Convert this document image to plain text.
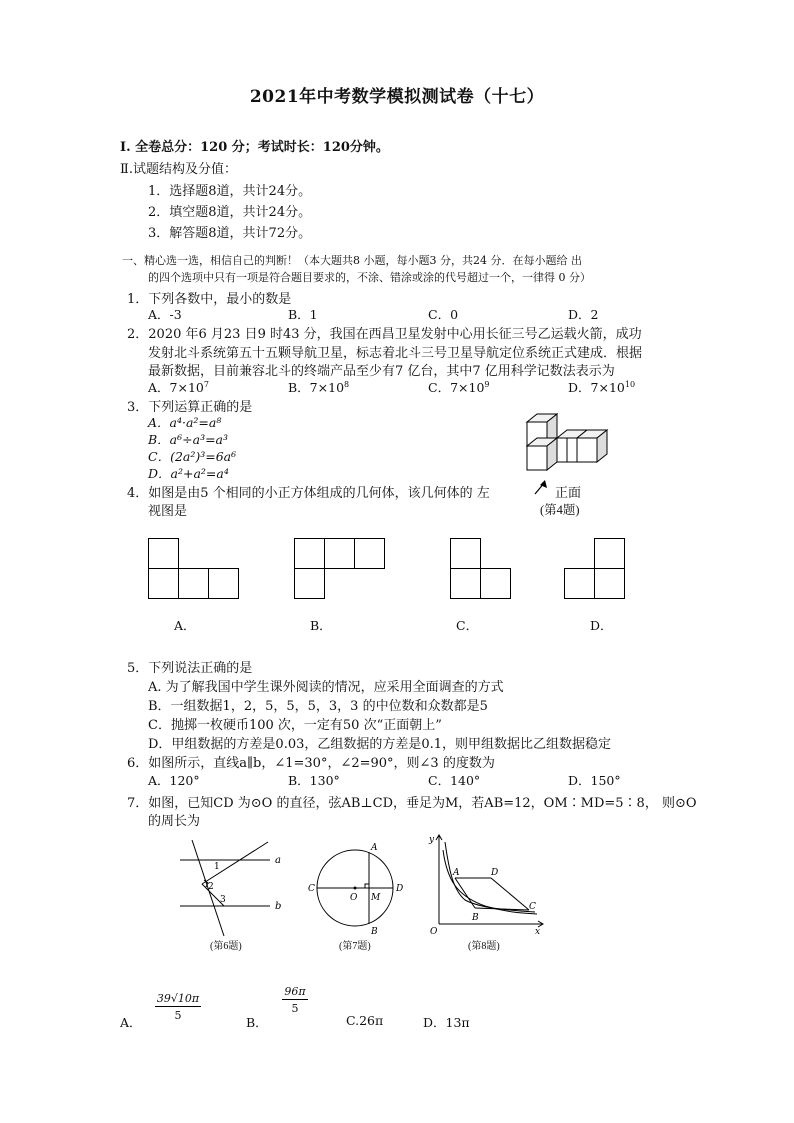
2021年中考数学模拟测试卷（十七）
Ⅰ. 全卷总分：120 分；考试时长：120分钟。
Ⅱ.试题结构及分值：
1．选择题8道，共计24分。
2．填空题8道，共计24分。
3．解答题8道，共计72分。
一、精心选一选，相信自己的判断！（本大题共8 小题，每小题3 分，共24 分．在每小题给 出
的四个选项中只有一项是符合题目要求的，不涂、错涂或涂的代号超过一个，一律得 0 分）
1．下列各数中，最小的数是
A．-3	B．1	C．0	D．2
2．2020 年6 月23 日9 时43 分，我国在西昌卫星发射中心用长征三号乙运载火箭，成功
发射北斗系统第五十五颗导航卫星，标志着北斗三号卫星导航定位系统正式建成．根据
最新数据，目前兼容北斗的终端产品至少有7 亿台，其中7 亿用科学记数法表示为
A．$7\times 10^7$	B．$7\times 10^8$	C．$7\times 10^9$	D．$7\times 10^{10}$
3．下列运算正确的是
A．a⁴·a²=a⁸
B．a⁶÷a³=a³
C．(2a²)³=6a⁶
D．a²+a²=a⁴
正面
(第4题)
4．如图是由5 个相同的小正方体组成的几何体，该几何体的 左
视图是
A．	B．	C．	D．
5．下列说法正确的是
A. 为了解我国中学生课外阅读的情况，应采用全面调查的方式
B．一组数据1，2，5，5，5，3，3 的中位数和众数都是5
C．抛掷一枚硬币100 次，一定有50 次“正面朝上”
D．甲组数据的方差是0.03，乙组数据的方差是0.1，则甲组数据比乙组数据稳定
6．如图所示，直线a∥b，∠1=30°，∠2=90°，则∠3 的度数为
A．120°	B．130°	C．140°	D．150°
7．如图，已知CD 为⊙O 的直径，弦AB⊥CD，垂足为M，若AB=12，OM∶MD=5∶8， 则⊙O
的周长为
a
b
1
2
3
(第6题)
A
B
C	D
O M
(第7题)
y
x
O
A
B
C
D
(第8题)
A．
$\frac{39√10\pi}{5}$
B．
$\frac{96\pi}{5}$
C.26π	D．13π
